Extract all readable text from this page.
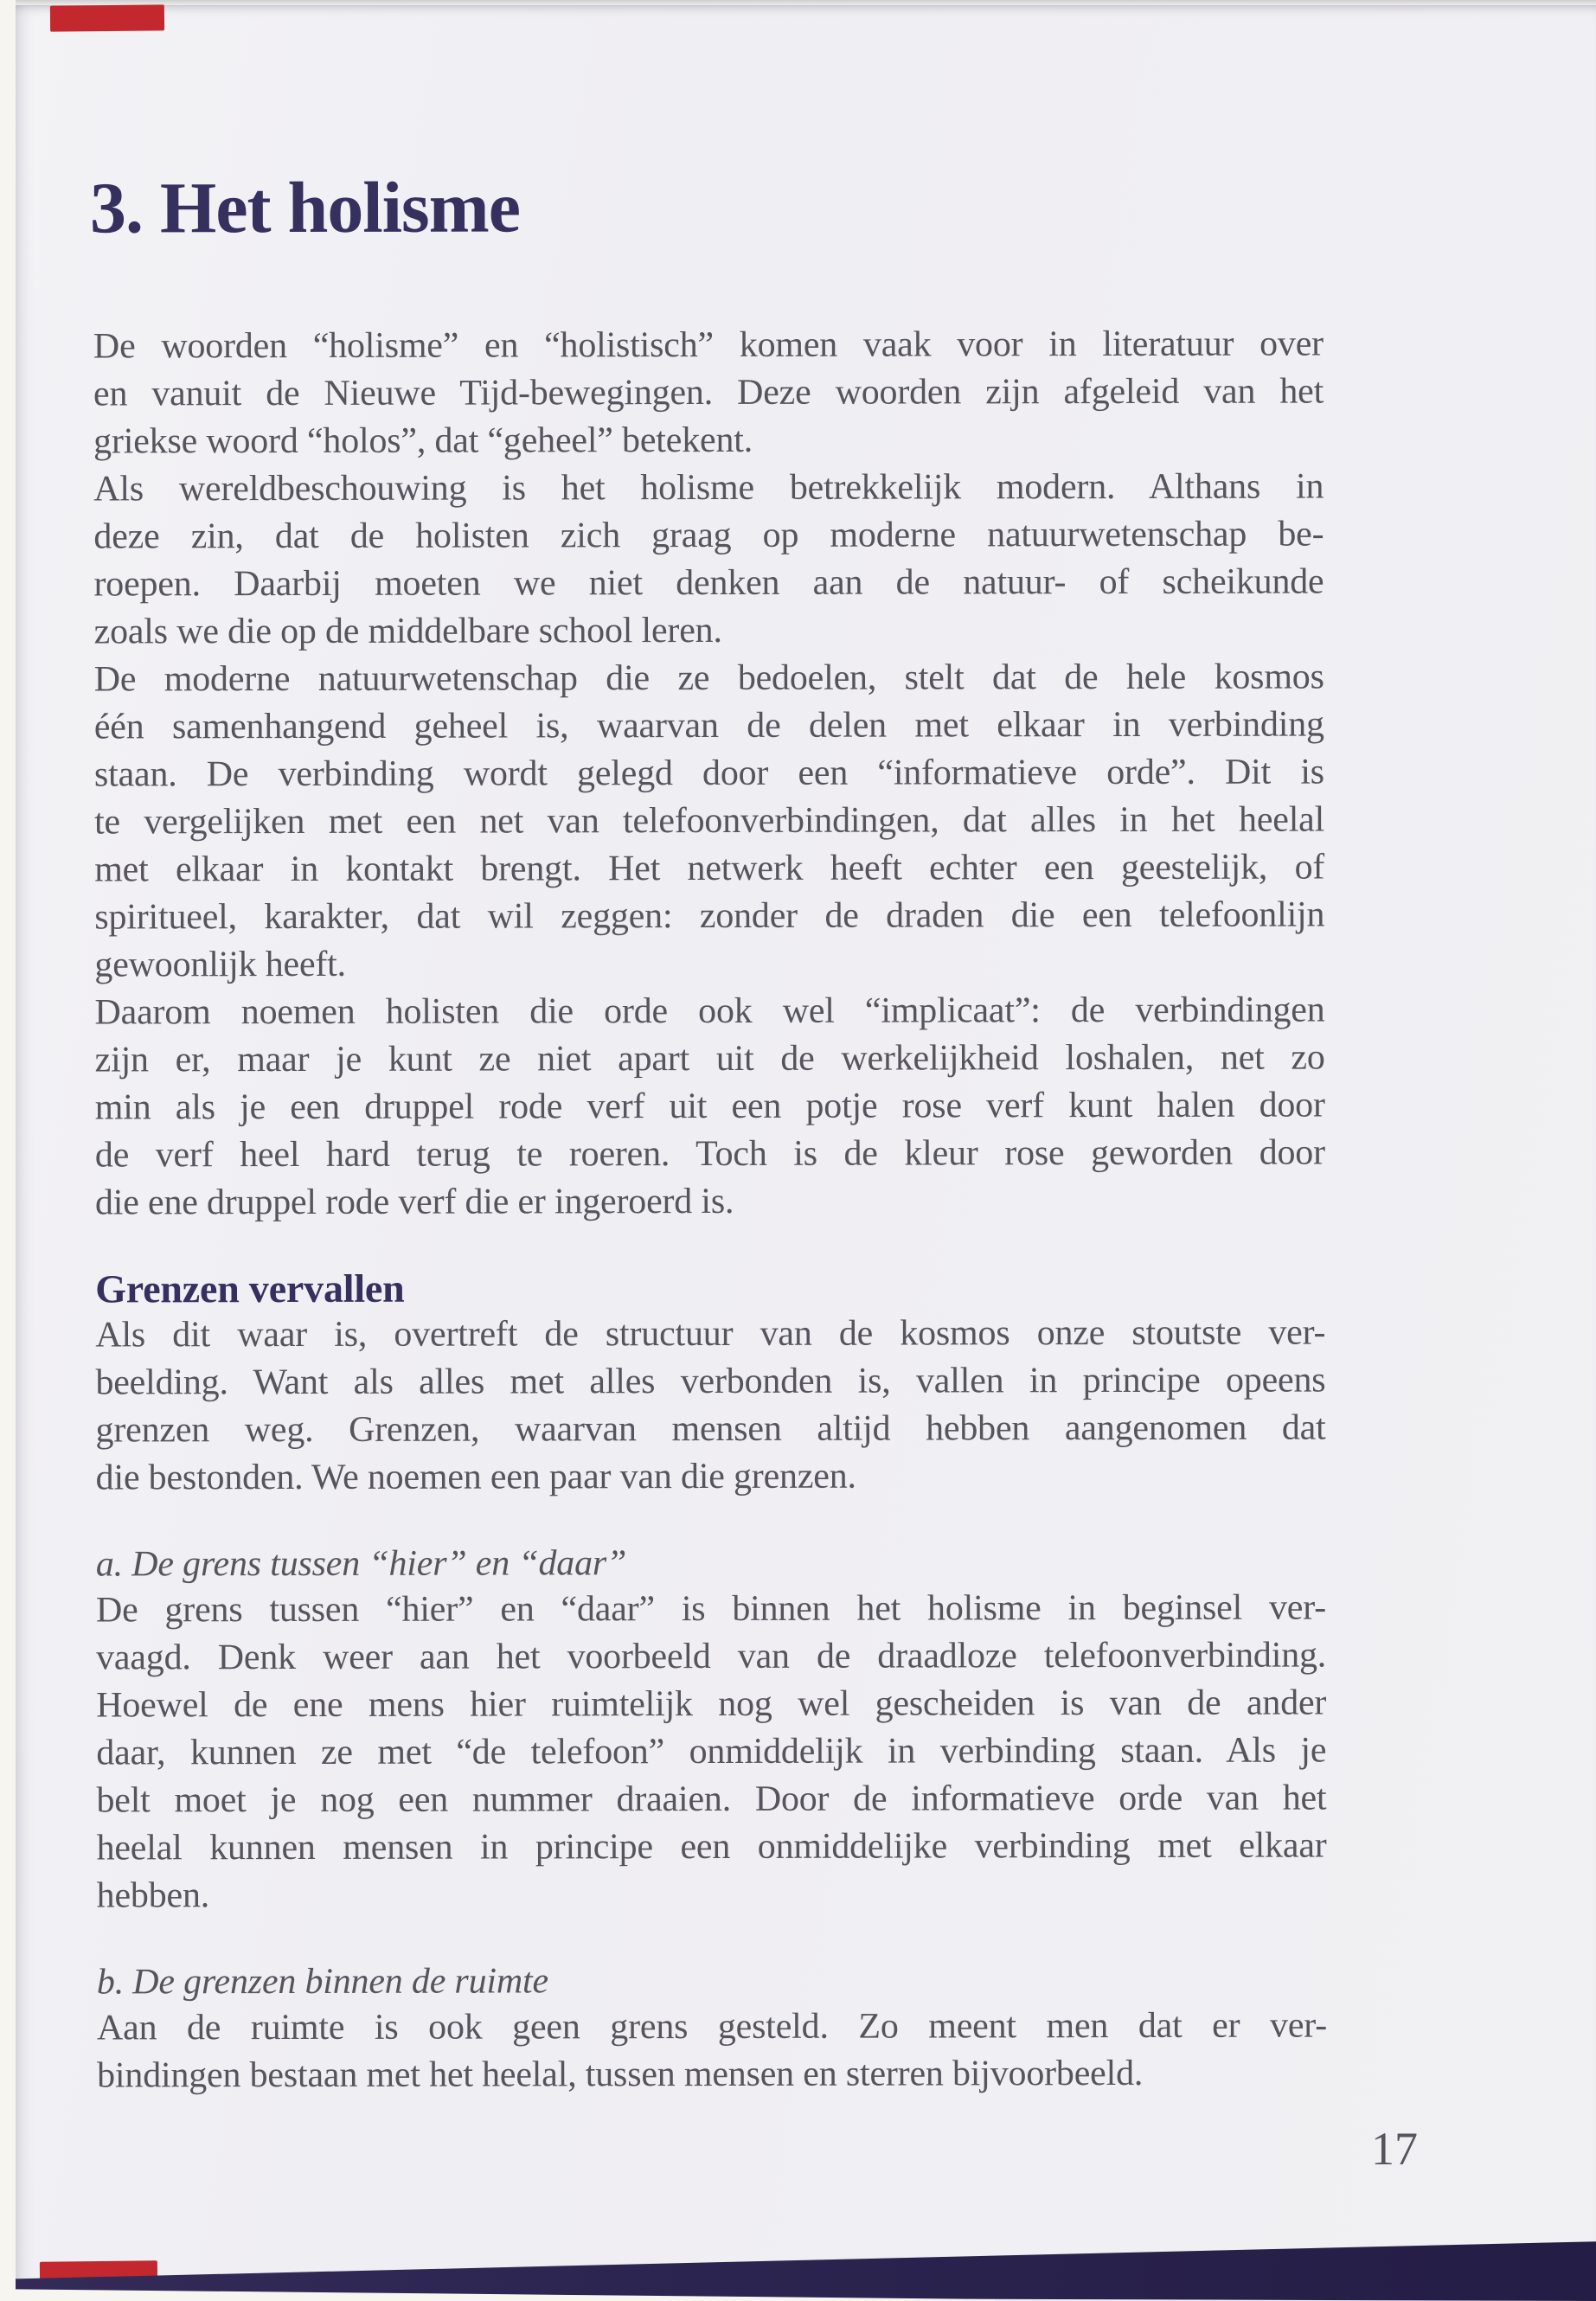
3. Het holisme
De woorden “holisme” en “holistisch” komen vaak voor in literatuur over
en vanuit de Nieuwe Tijd-bewegingen. Deze woorden zijn afgeleid van het
griekse woord “holos”, dat “geheel” betekent.
Als wereldbeschouwing is het holisme betrekkelijk modern. Althans in
deze zin, dat de holisten zich graag op moderne natuurwetenschap be-
roepen. Daarbij moeten we niet denken aan de natuur- of scheikunde
zoals we die op de middelbare school leren.
De moderne natuurwetenschap die ze bedoelen, stelt dat de hele kosmos
één samenhangend geheel is, waarvan de delen met elkaar in verbinding
staan. De verbinding wordt gelegd door een “informatieve orde”. Dit is
te vergelijken met een net van telefoonverbindingen, dat alles in het heelal
met elkaar in kontakt brengt. Het netwerk heeft echter een geestelijk, of
spiritueel, karakter, dat wil zeggen: zonder de draden die een telefoonlijn
gewoonlijk heeft.
Daarom noemen holisten die orde ook wel “implicaat”: de verbindingen
zijn er, maar je kunt ze niet apart uit de werkelijkheid loshalen, net zo
min als je een druppel rode verf uit een potje rose verf kunt halen door
de verf heel hard terug te roeren. Toch is de kleur rose geworden door
die ene druppel rode verf die er ingeroerd is.
Grenzen vervallen
Als dit waar is, overtreft de structuur van de kosmos onze stoutste ver-
beelding. Want als alles met alles verbonden is, vallen in principe opeens
grenzen weg. Grenzen, waarvan mensen altijd hebben aangenomen dat
die bestonden. We noemen een paar van die grenzen.
a. De grens tussen “hier” en “daar”
De grens tussen “hier” en “daar” is binnen het holisme in beginsel ver-
vaagd. Denk weer aan het voorbeeld van de draadloze telefoonverbinding.
Hoewel de ene mens hier ruimtelijk nog wel gescheiden is van de ander
daar, kunnen ze met “de telefoon” onmiddelijk in verbinding staan. Als je
belt moet je nog een nummer draaien. Door de informatieve orde van het
heelal kunnen mensen in principe een onmiddelijke verbinding met elkaar
hebben.
b. De grenzen binnen de ruimte
Aan de ruimte is ook geen grens gesteld. Zo meent men dat er ver-
bindingen bestaan met het heelal, tussen mensen en sterren bijvoorbeeld.
17
